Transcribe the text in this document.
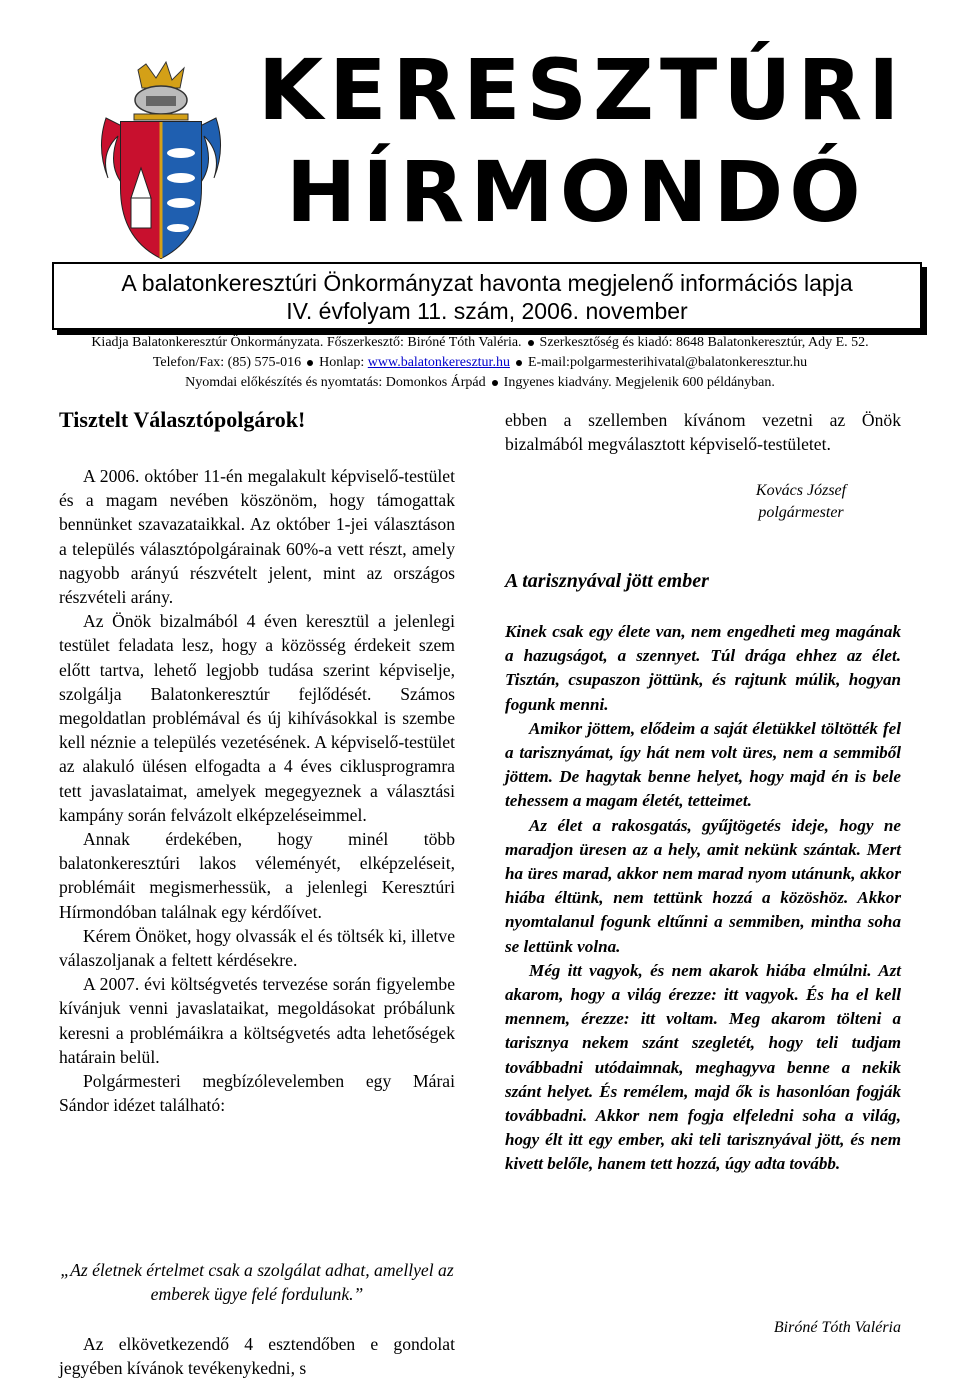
KERESZTÚRI
HÍRMONDÓ
A balatonkeresztúri Önkormányzat havonta megjelenő információs lapja
IV. évfolyam 11. szám, 2006. november
Kiadja Balatonkeresztúr Önkormányzata. Főszerkesztő: Biróné Tóth Valéria. Szerkesztőség és kiadó: 8648 Balatonkeresztúr, Ady E. 52.
Telefon/Fax: (85) 575-016 Honlap: www.balatonkeresztur.hu E-mail:polgarmesterihivatal@balatonkeresztur.hu
Nyomdai előkészítés és nyomtatás: Domonkos Árpád Ingyenes kiadvány. Megjelenik 600 példányban.
Tisztelt Választópolgárok!

A 2006. október 11-én megalakult képviselő-testület és a magam nevében köszönöm, hogy támogattak bennünket szavazataikkal. Az október 1-jei választáson a település választópolgárainak 60%-a vett részt, amely nagyobb arányú részvételt jelent, mint az országos részvételi arány.

Az Önök bizalmából 4 éven keresztül a jelenlegi testület feladata lesz, hogy a közösség érdekeit szem előtt tartva, lehető legjobb tudása szerint képviselje, szolgálja Balatonkeresztúr fejlődését. Számos megoldatlan problémával és új kihívásokkal is szembe kell néznie a település vezetésének. A képviselő-testület az alakuló ülésen elfogadta a 4 éves ciklusprogramra tett javaslataimat, amelyek megegyeznek a választási kampány során felvázolt elképzeléseimmel.

Annak érdekében, hogy minél több balatonkeresztúri lakos véleményét, elképzeléseit, problémáit megismerhessük, a jelenlegi Keresztúri Hírmondóban találnak egy kérdőívet.

Kérem Önöket, hogy olvassák el és töltsék ki, illetve válaszoljanak a feltett kérdésekre.

A 2007. évi költségvetés tervezése során figyelembe kívánjuk venni javaslataikat, megoldásokat próbálunk keresni a problémáikra a költségvetés adta lehetőségek határain belül.

Polgármesteri megbízólevelemben egy Márai Sándor idézet található:

„Az életnek értelmet csak a szolgálat adhat, amellyel az emberek ügye felé fordulunk.”
Az elkövetkezendő 4 esztendőben e gondolat jegyében kívánok tevékenykedni, s
ebben a szellemben kívánom vezetni az Önök bizalmából megválasztott képviselő-testületet.
Kovács József
polgármester
A tarisznyával jött ember

Kinek csak egy élete van, nem engedheti meg magának a hazugságot, a szennyet. Túl drága ehhez az élet. Tisztán, csupaszon jöttünk, és rajtunk múlik, hogyan fogunk menni.

Amikor jöttem, elődeim a saját életükkel töltötték fel a tarisznyámat, így hát nem volt üres, nem a semmiből jöttem. De hagytak benne helyet, hogy majd én is bele tehessem a magam életét, tetteimet.

Az élet a rakosgatás, gyűjtögetés ideje, hogy ne maradjon üresen az a hely, amit nekünk szántak. Mert ha üres marad, akkor nem marad nyom utánunk, akkor hiába éltünk, nem tettünk hozzá a közöshöz. Akkor nyomtalanul fogunk eltűnni a semmiben, mintha soha se lettünk volna.

Még itt vagyok, és nem akarok hiába elmúlni. Azt akarom, hogy a világ érezze: itt vagyok. És ha el kell mennem, érezze: itt voltam. Meg akarom tölteni a tarisznya nekem szánt szegletét, hogy teli tudjam továbbadni utódaimnak, meghagyva benne a nekik szánt helyet. És remélem, majd ők is hasonlóan fogják továbbadni. Akkor nem fogja elfeledni soha a világ, hogy élt itt egy ember, aki teli tarisznyával jött, és nem kivett belőle, hanem tett hozzá, úgy adta tovább.

Biróné Tóth Valéria
